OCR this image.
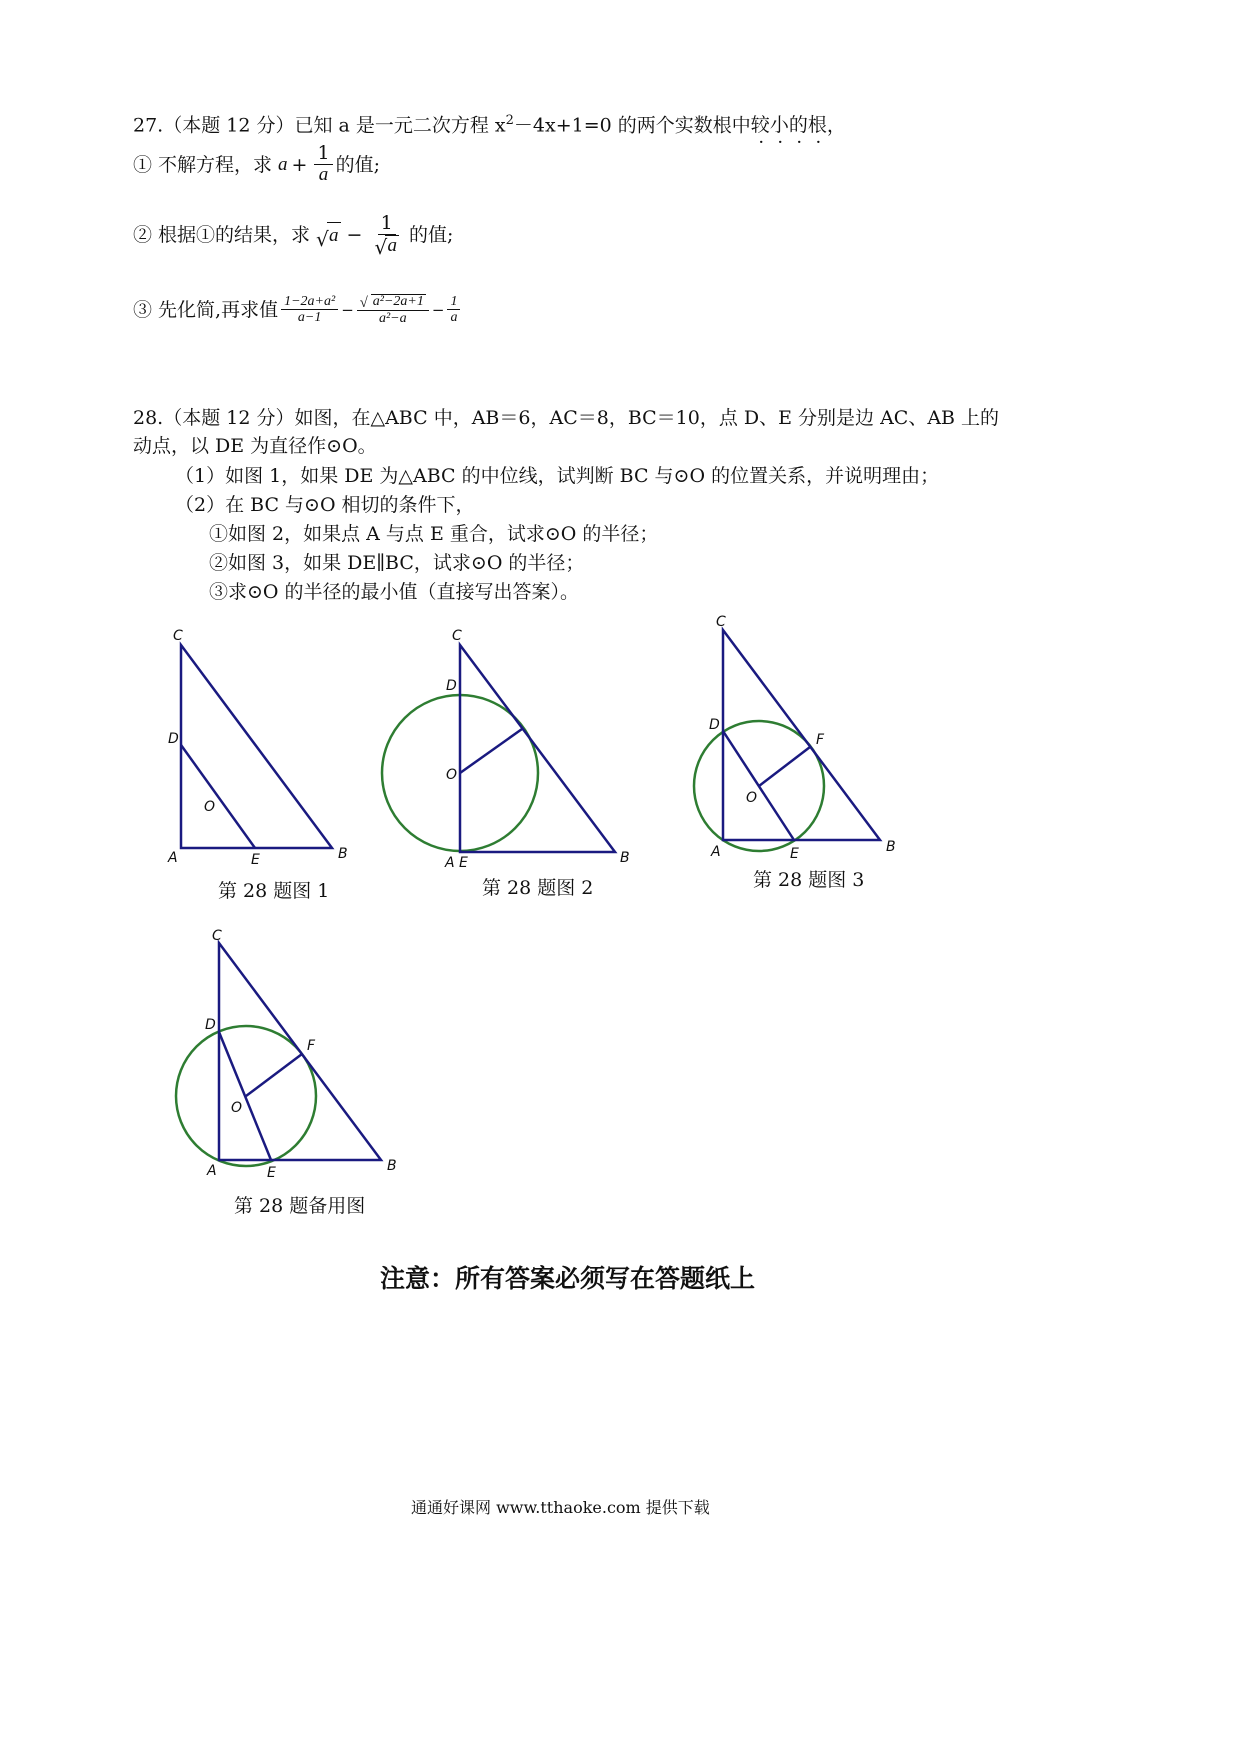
27.（本题 12 分）已知 a 是一元二次方程 $x^2-4x+1=0$ 的两个实数根中较小的根，
① 不解方程，求 $a + \frac{1}{a}$ 的值;
② 根据①的结果，求 √ $a - \frac{1}{√ a}$ 的值;
③ 先化简,再求值 $\frac{\text{1−2a+a²}}{a-1} - \frac{\text{√ a²−2a+1}}{\text{a²−a}} - \frac{1}{a}$
28.（本题 12 分）如图，在△ABC 中，AB＝6，AC＝8，BC＝10，点 D、E 分别是边 AC、AB 上的
动点，以 DE 为直径作⊙O。
（1）如图 1，如果 DE 为△ABC 的中位线，试判断 BC 与⊙O 的位置关系，并说明理由；
（2）在 BC 与⊙O 相切的条件下，
①如图 2，如果点 A 与点 E 重合，试求⊙O 的半径；
②如图 3，如果 DE∥BC，试求⊙O 的半径；
③求⊙O 的半径的最小值（直接写出答案）。
C
D
O
A	E	B
C
D
O
A E	B
C
D
F
O
A	E	B
C
D
F
O
A	E	B
第 28 题图 1	第 28 题图 2	第 28 题图 3
第 28 题备用图
注意：所有答案必须写在答题纸上
通通好课网 www.tthaoke.com 提供下载
